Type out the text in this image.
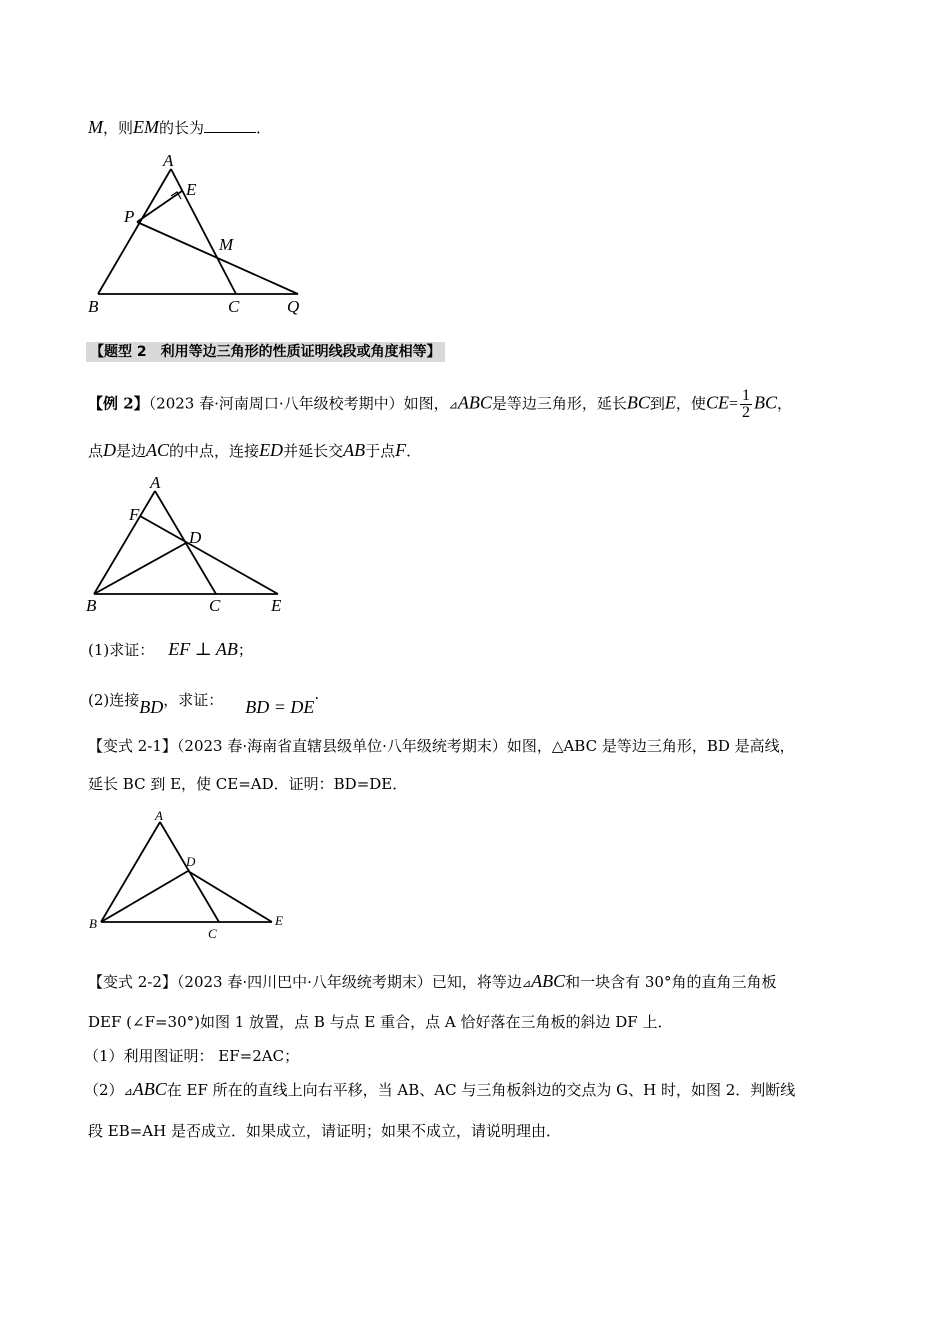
M，则EM的长为	．
A
E
P
M
B	C	Q
【题型 2　利用等边三角形的性质证明线段或角度相等】
【例 2】（2023 春·河南周口·八年级校考期中）如图，⊿ABC是等边三角形，延长BC到E，使$CE= \frac{1}{2}$ BC，
点D是边AC的中点，连接ED并延长交AB于点F．
A
F
D
B	C	E
(1)求证： EF ⊥ AB；
(2)连接BD，求证： BD = DE.
【变式 2-1】（2023 春·海南省直辖县级单位·八年级统考期末）如图，△ABC 是等边三角形，BD 是高线，
延长 BC 到 E，使 CE=AD．证明：BD=DE．
A
D
B
C
E
【变式 2-2】（2023 春·四川巴中·八年级统考期末）已知，将等边⊿ABC和一块含有 30°角的直角三角板
DEF (∠F=30°)如图 1 放置，点 B 与点 E 重合，点 A 恰好落在三角板的斜边 DF 上．
（1）利用图证明： EF=2AC；
（2）⊿ABC在 EF 所在的直线上向右平移，当 AB、AC 与三角板斜边的交点为 G、H 时，如图 2．判断线
段 EB=AH 是否成立．如果成立，请证明；如果不成立，请说明理由．
